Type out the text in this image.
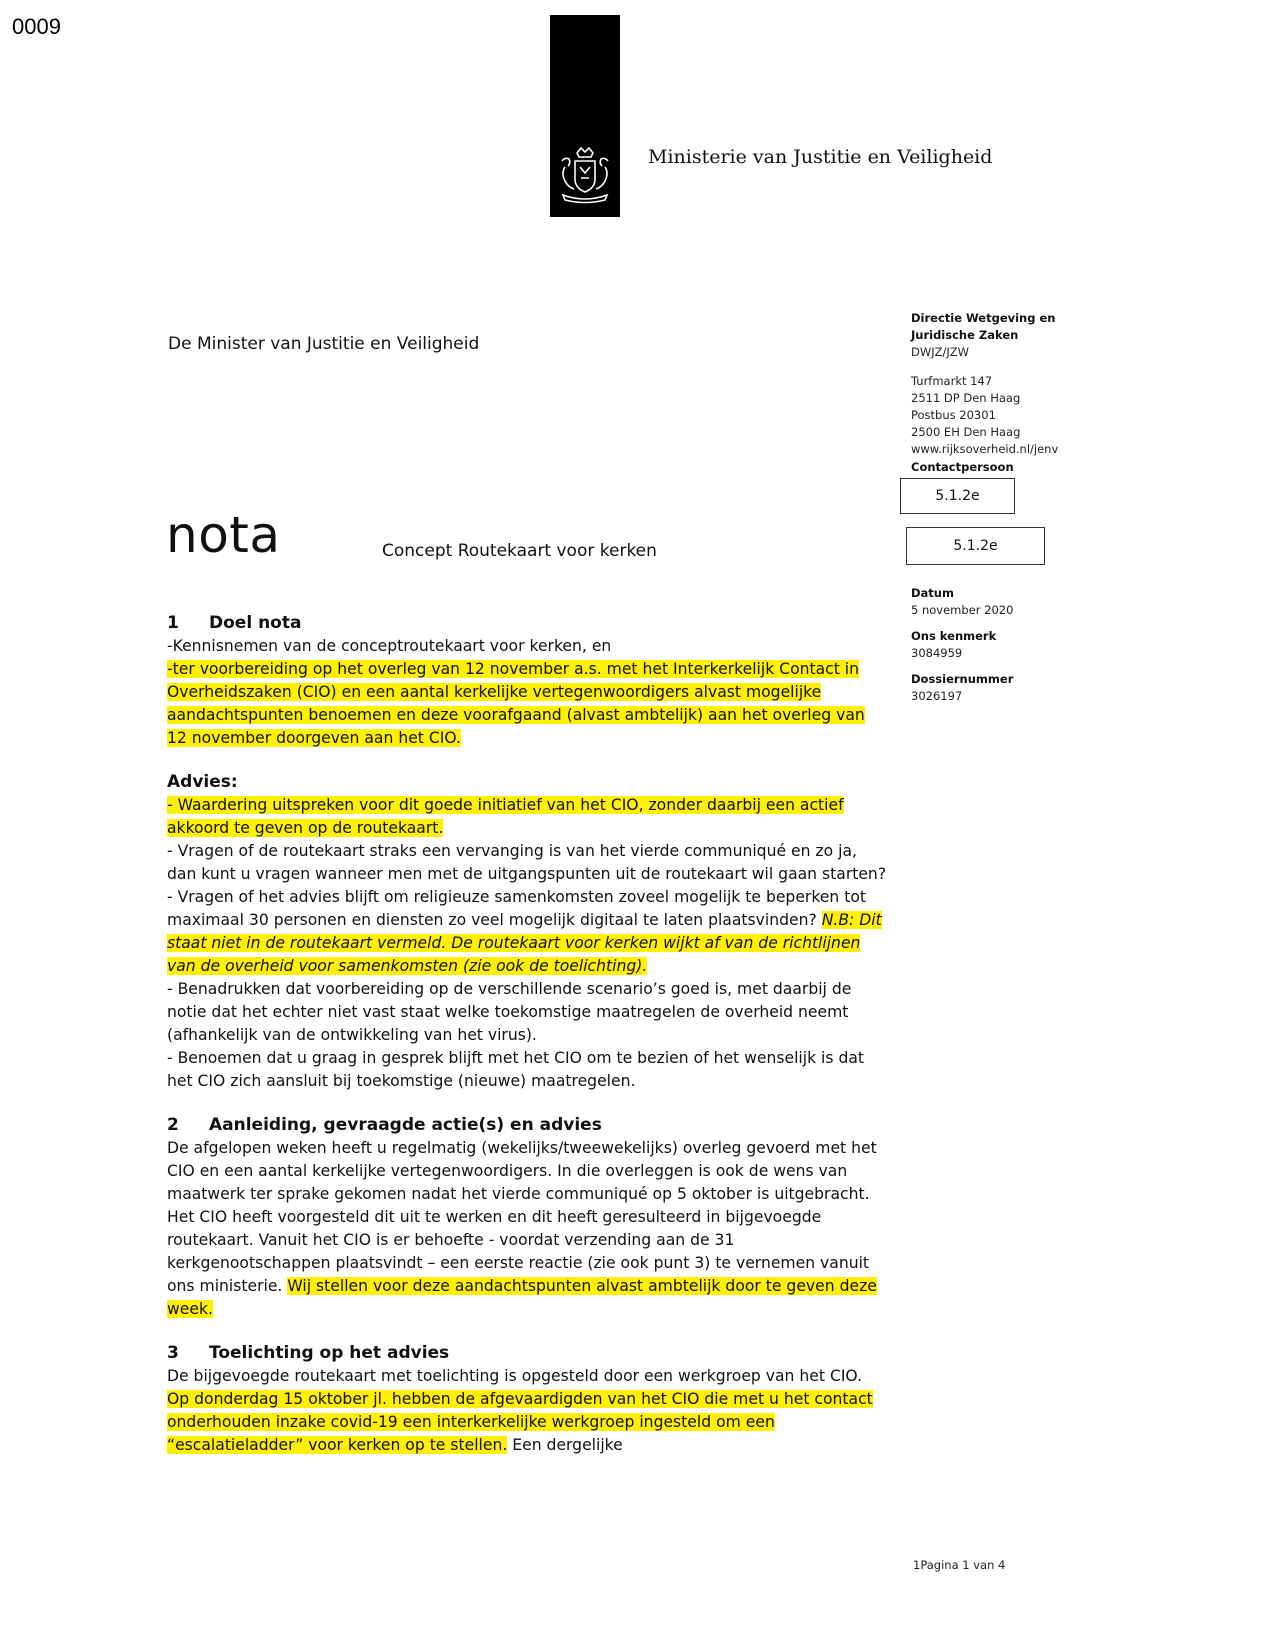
0009
Ministerie van Justitie en Veiligheid
De Minister van Justitie en Veiligheid
nota	Concept Routekaart voor kerken
Directie Wetgeving en
Juridische Zaken
DWJZ/JZW
Turfmarkt 147
2511 DP Den Haag
Postbus 20301
2500 EH Den Haag
www.rijksoverheid.nl/jenv
Contactpersoon
5.1.2e
5.1.2e
Datum
5 november 2020
Ons kenmerk
3084959
Dossiernummer
3026197

1 Doel nota

-Kennisnemen van de conceptroutekaart voor kerken, en

-ter voorbereiding op het overleg van 12 november a.s. met het Interkerkelijk Contact in Overheidszaken (CIO) en een aantal kerkelijke vertegenwoordigers alvast mogelijke aandachtspunten benoemen en deze voorafgaand (alvast ambtelijk) aan het overleg van 12 november doorgeven aan het CIO.

Advies:

- Waardering uitspreken voor dit goede initiatief van het CIO, zonder daarbij een actief akkoord te geven op de routekaart.

- Vragen of de routekaart straks een vervanging is van het vierde communiqué en zo ja, dan kunt u vragen wanneer men met de uitgangspunten uit de routekaart wil gaan starten?

- Vragen of het advies blijft om religieuze samenkomsten zoveel mogelijk te beperken tot maximaal 30 personen en diensten zo veel mogelijk digitaal te laten plaatsvinden? N.B: Dit staat niet in de routekaart vermeld. De routekaart voor kerken wijkt af van de richtlijnen van de overheid voor samenkomsten (zie ook de toelichting).

- Benadrukken dat voorbereiding op de verschillende scenario’s goed is, met daarbij de notie dat het echter niet vast staat welke toekomstige maatregelen de overheid neemt (afhankelijk van de ontwikkeling van het virus).

- Benoemen dat u graag in gesprek blijft met het CIO om te bezien of het wenselijk is dat het CIO zich aansluit bij toekomstige (nieuwe) maatregelen.

2 Aanleiding, gevraagde actie(s) en advies

De afgelopen weken heeft u regelmatig (wekelijks/tweewekelijks) overleg gevoerd met het CIO en een aantal kerkelijke vertegenwoordigers. In die overleggen is ook de wens van maatwerk ter sprake gekomen nadat het vierde communiqué op 5 oktober is uitgebracht. Het CIO heeft voorgesteld dit uit te werken en dit heeft geresulteerd in bijgevoegde routekaart. Vanuit het CIO is er behoefte - voordat verzending aan de 31 kerkgenootschappen plaatsvindt – een eerste reactie (zie ook punt 3) te vernemen vanuit ons ministerie. Wij stellen voor deze aandachtspunten alvast ambtelijk door te geven deze week.

3 Toelichting op het advies

De bijgevoegde routekaart met toelichting is opgesteld door een werkgroep van het CIO. Op donderdag 15 oktober jl. hebben de afgevaardigden van het CIO die met u het contact onderhouden inzake covid-19 een interkerkelijke werkgroep ingesteld om een “escalatieladder” voor kerken op te stellen. Een dergelijke

1Pagina 1 van 4
